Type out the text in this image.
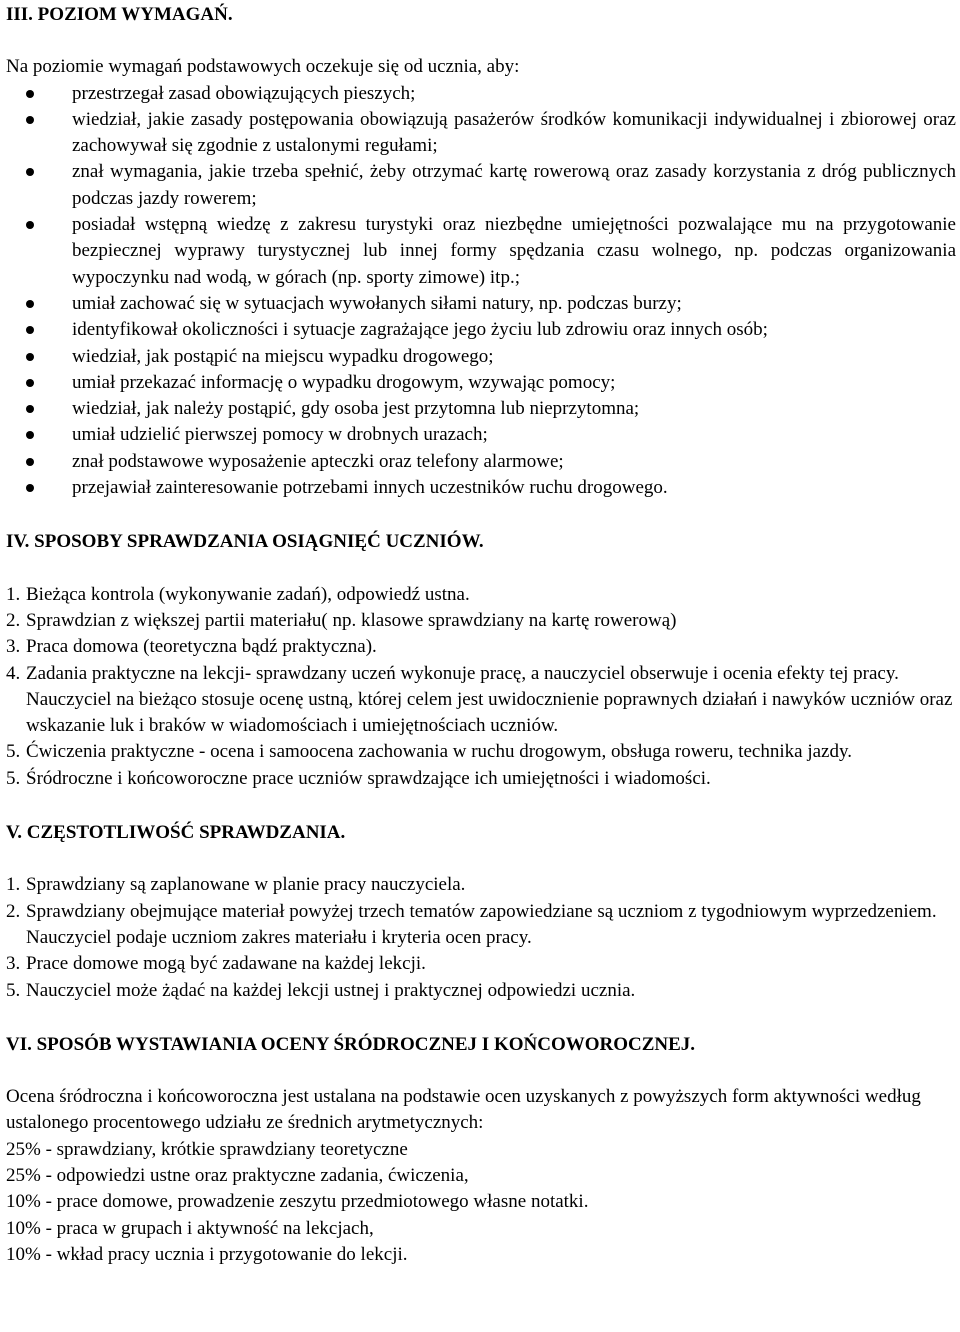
III. POZIOM WYMAGAŃ.

Na poziomie wymagań podstawowych oczekuje się od ucznia, aby:

przestrzegał zasad obowiązujących pieszych;
wiedział, jakie zasady postępowania obowiązują pasażerów środków komunikacji indywidualnej i zbiorowej oraz zachowywał się zgodnie z ustalonymi regułami;
znał wymagania, jakie trzeba spełnić, żeby otrzymać kartę rowerową oraz zasady korzystania z dróg publicznych podczas jazdy rowerem;
posiadał wstępną wiedzę z zakresu turystyki oraz niezbędne umiejętności pozwalające mu na przygotowanie bezpiecznej wyprawy turystycznej lub innej formy spędzania czasu wolnego, np. podczas organizowania wypoczynku nad wodą, w górach (np. sporty zimowe) itp.;
umiał zachować się w sytuacjach wywołanych siłami natury, np. podczas burzy;
identyfikował okoliczności i sytuacje zagrażające jego życiu lub zdrowiu oraz innych osób;
wiedział, jak postąpić na miejscu wypadku drogowego;
umiał przekazać informację o wypadku drogowym, wzywając pomocy;
wiedział, jak należy postąpić, gdy osoba jest przytomna lub nieprzytomna;
umiał udzielić pierwszej pomocy w drobnych urazach;
znał podstawowe wyposażenie apteczki oraz telefony alarmowe;
przejawiał zainteresowanie potrzebami innych uczestników ruchu drogowego.
IV. SPOSOBY SPRAWDZANIA OSIĄGNIĘĆ UCZNIÓW.
1. Bieżąca kontrola (wykonywanie zadań), odpowiedź ustna.
2. Sprawdzian z większej partii materiału( np. klasowe sprawdziany na kartę rowerową)
3. Praca domowa (teoretyczna bądź praktyczna).
4. Zadania praktyczne na lekcji- sprawdzany uczeń wykonuje pracę, a nauczyciel obserwuje i ocenia efekty tej pracy. Nauczyciel na bieżąco stosuje ocenę ustną, której celem jest uwidocznienie poprawnych działań i nawyków uczniów oraz wskazanie luk i braków w wiadomościach i umiejętnościach uczniów.
5. Ćwiczenia praktyczne - ocena i samoocena zachowania w ruchu drogowym, obsługa roweru, technika jazdy.
5. Śródroczne i końcoworoczne prace uczniów sprawdzające ich umiejętności i wiadomości.
V. CZĘSTOTLIWOŚĆ SPRAWDZANIA.
1. Sprawdziany są zaplanowane w planie pracy nauczyciela.
2. Sprawdziany obejmujące materiał powyżej trzech tematów zapowiedziane są uczniom z tygodniowym wyprzedzeniem. Nauczyciel podaje uczniom zakres materiału i kryteria ocen pracy.
3. Prace domowe mogą być zadawane na każdej lekcji.
5. Nauczyciel może żądać na każdej lekcji ustnej i praktycznej odpowiedzi ucznia.
VI. SPOSÓB WYSTAWIANIA OCENY ŚRÓDROCZNEJ I KOŃCOWOROCZNEJ.

Ocena śródroczna i końcoworoczna jest ustalana na podstawie ocen uzyskanych z powyższych form aktywności według ustalonego procentowego udziału ze średnich arytmetycznych:

25% - sprawdziany, krótkie sprawdziany teoretyczne
25% - odpowiedzi ustne oraz praktyczne zadania, ćwiczenia,
10% - prace domowe, prowadzenie zeszytu przedmiotowego własne notatki.
10% - praca w grupach i aktywność na lekcjach,
10% - wkład pracy ucznia i przygotowanie do lekcji.
